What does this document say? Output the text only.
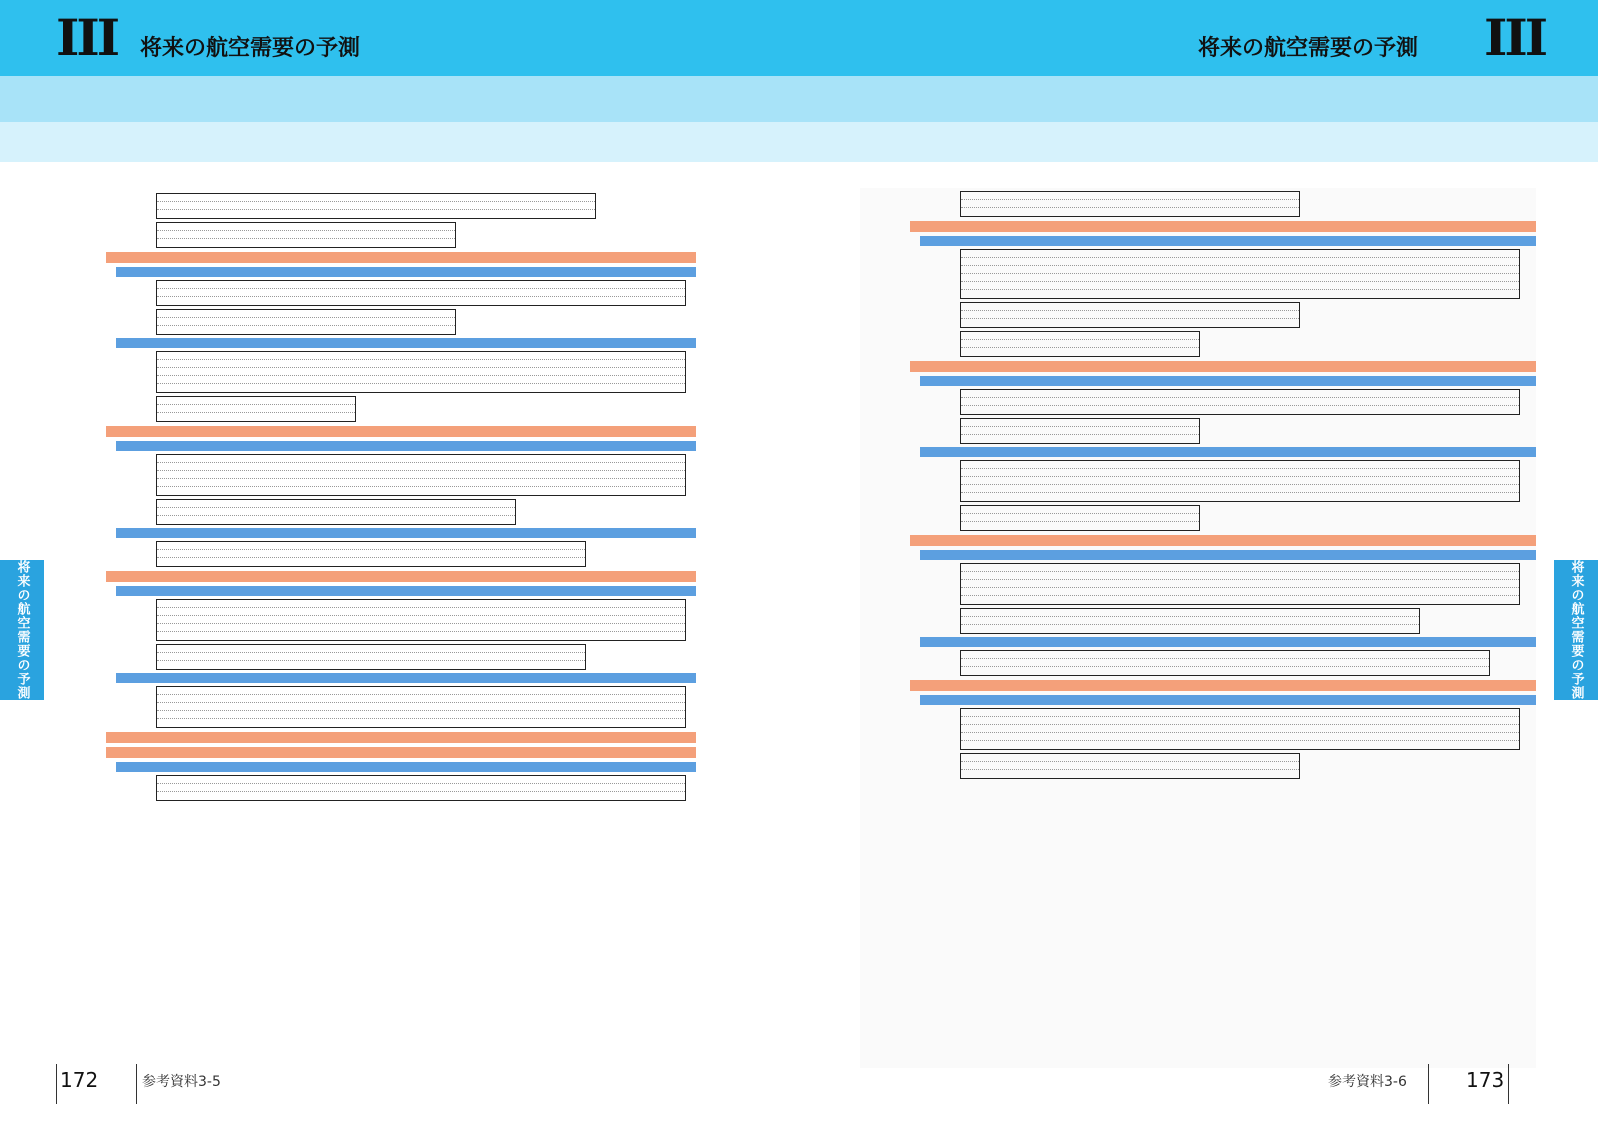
III 将来の航空需要の予測	将来の航空需要の予測 III
将来の航空需要の予測	将来の航空需要の予測
172	参考資料3-5	参考資料3-6	173
